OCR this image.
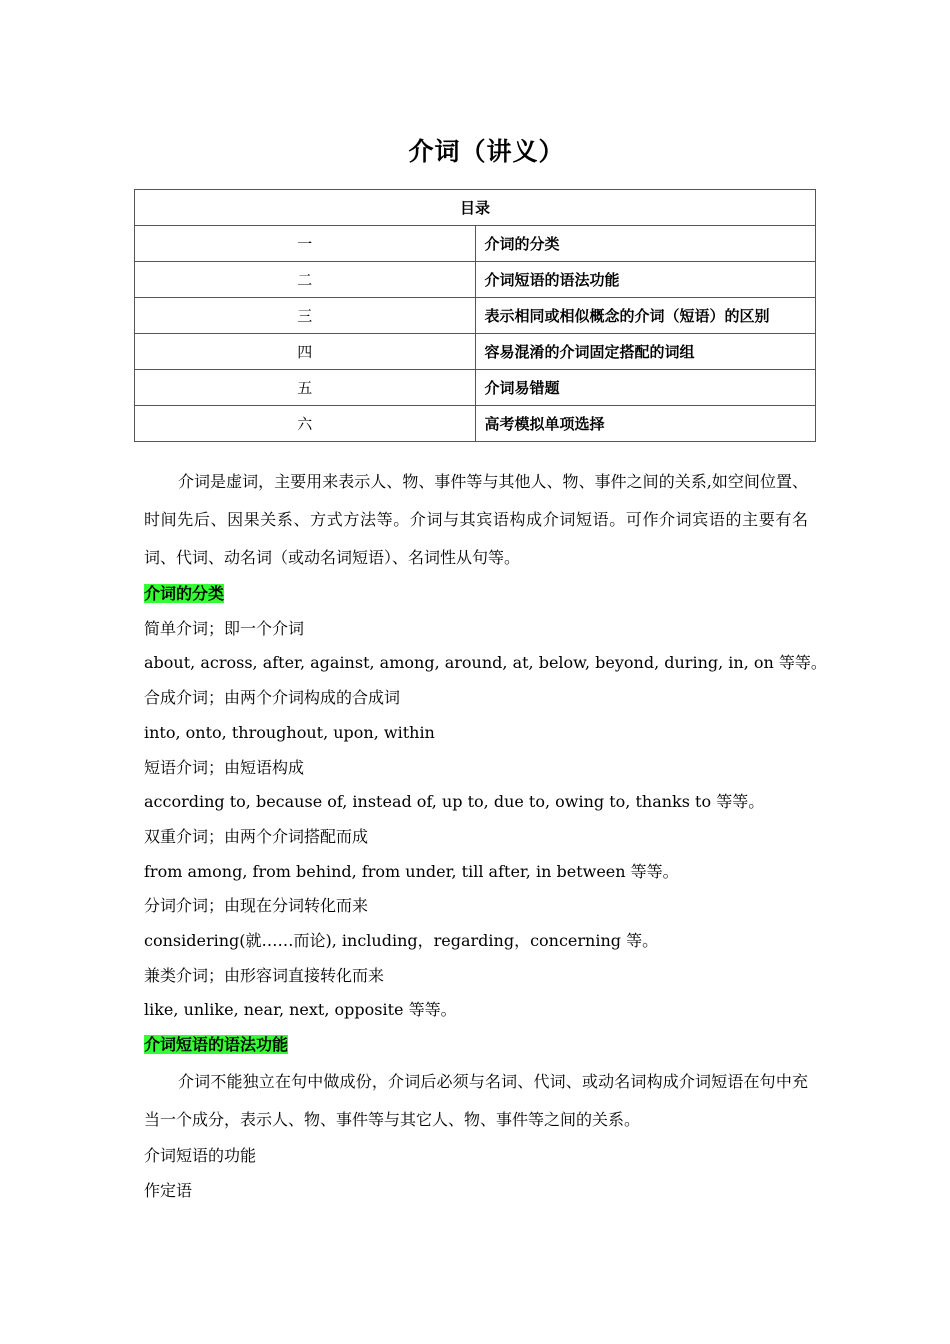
介词（讲义）
目录	
一	介词的分类
二	介词短语的语法功能
三	表示相同或相似概念的介词（短语）的区别
四	容易混淆的介词固定搭配的词组
五	介词易错题
六	高考模拟单项选择

介词是虚词，主要用来表示人、物、事件等与其他人、物、事件之间的关系,如空间位置、时间先后、因果关系、方式方法等。介词与其宾语构成介词短语。可作介词宾语的主要有名词、代词、动名词（或动名词短语）、名词性从句等。

介词的分类

简单介词；即一个介词

about, across, after, against, among, around, at, below, beyond, during, in, on 等等。

合成介词；由两个介词构成的合成词

into, onto, throughout, upon, within

短语介词；由短语构成

according to, because of, instead of, up to, due to, owing to, thanks to 等等。

双重介词；由两个介词搭配而成

from among, from behind, from under, till after, in between 等等。

分词介词；由现在分词转化而来

considering(就……而论), including，regarding，concerning 等。

兼类介词；由形容词直接转化而来

like, unlike, near, next, opposite 等等。

介词短语的语法功能

介词不能独立在句中做成份，介词后必须与名词、代词、或动名词构成介词短语在句中充当一个成分，表示人、物、事件等与其它人、物、事件等之间的关系。

介词短语的功能

作定语
